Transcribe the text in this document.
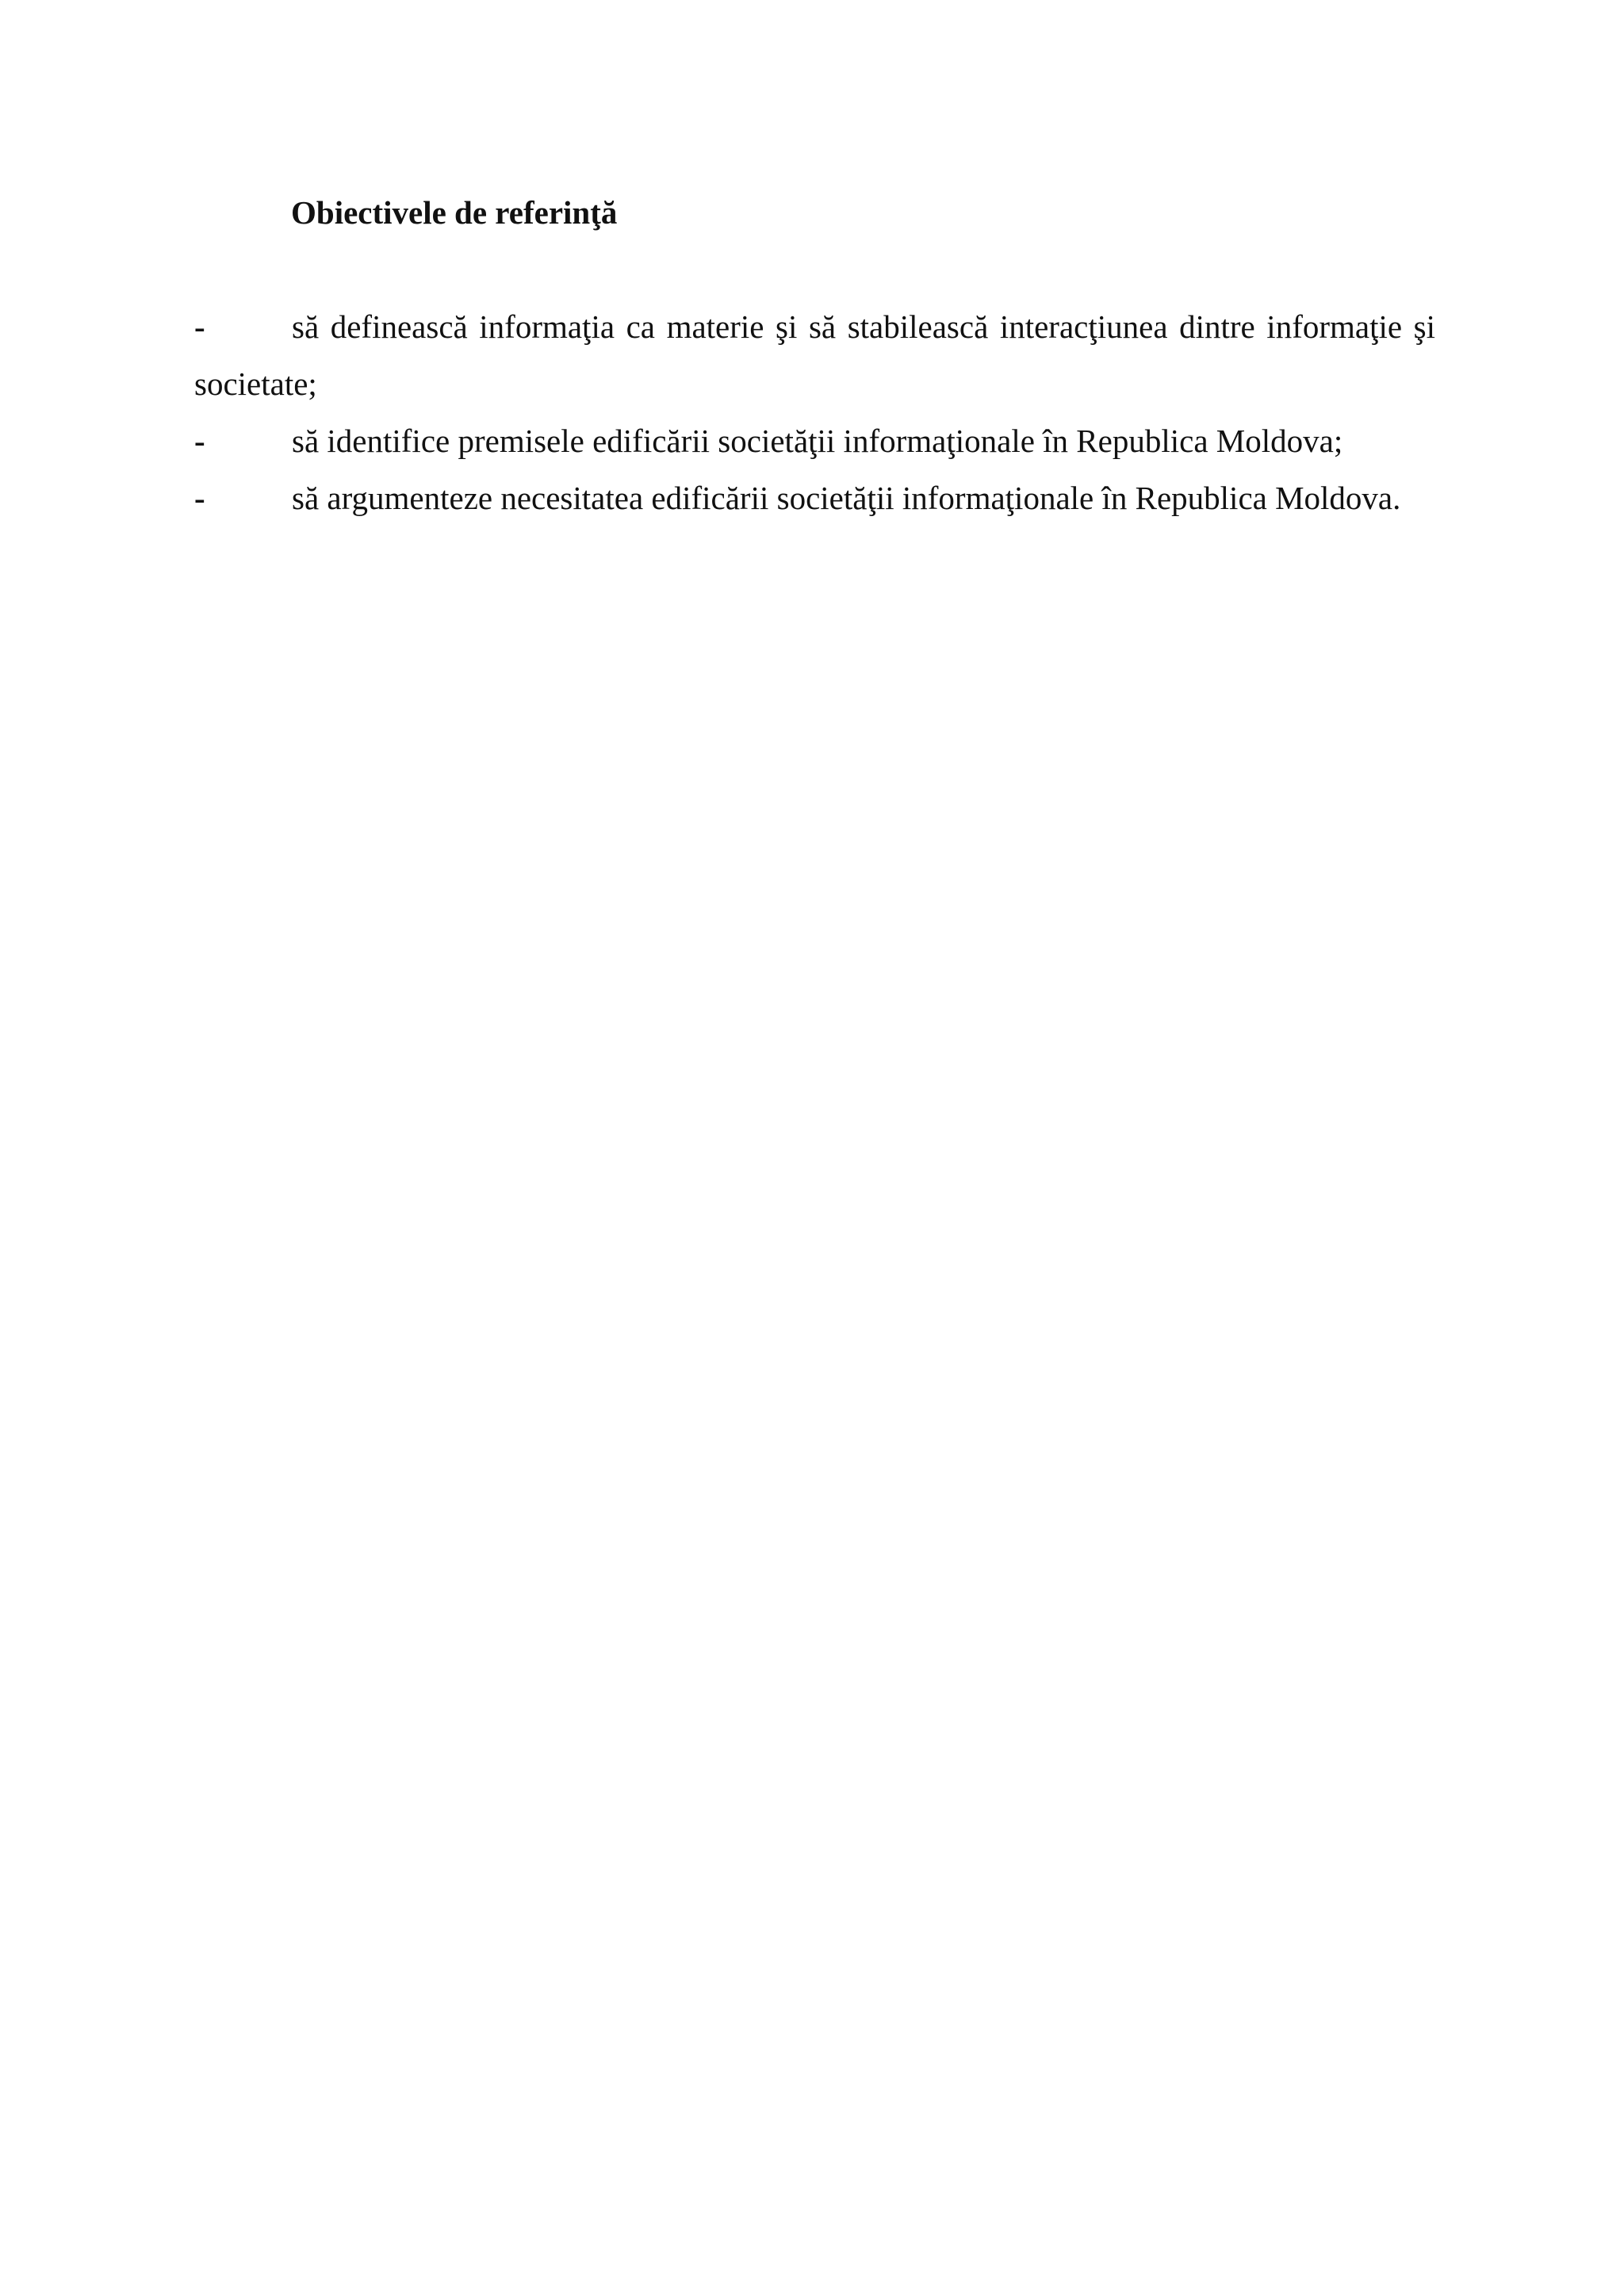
Obiectivele de referinţă
-	să definească informaţia ca materie şi să stabilească interacţiunea dintre informaţie şi societate;
-	să identifice premisele edificării societăţii informaţionale în Republica Moldova;
-	să argumenteze necesitatea edificării societăţii informaţionale în Republica Moldova.
